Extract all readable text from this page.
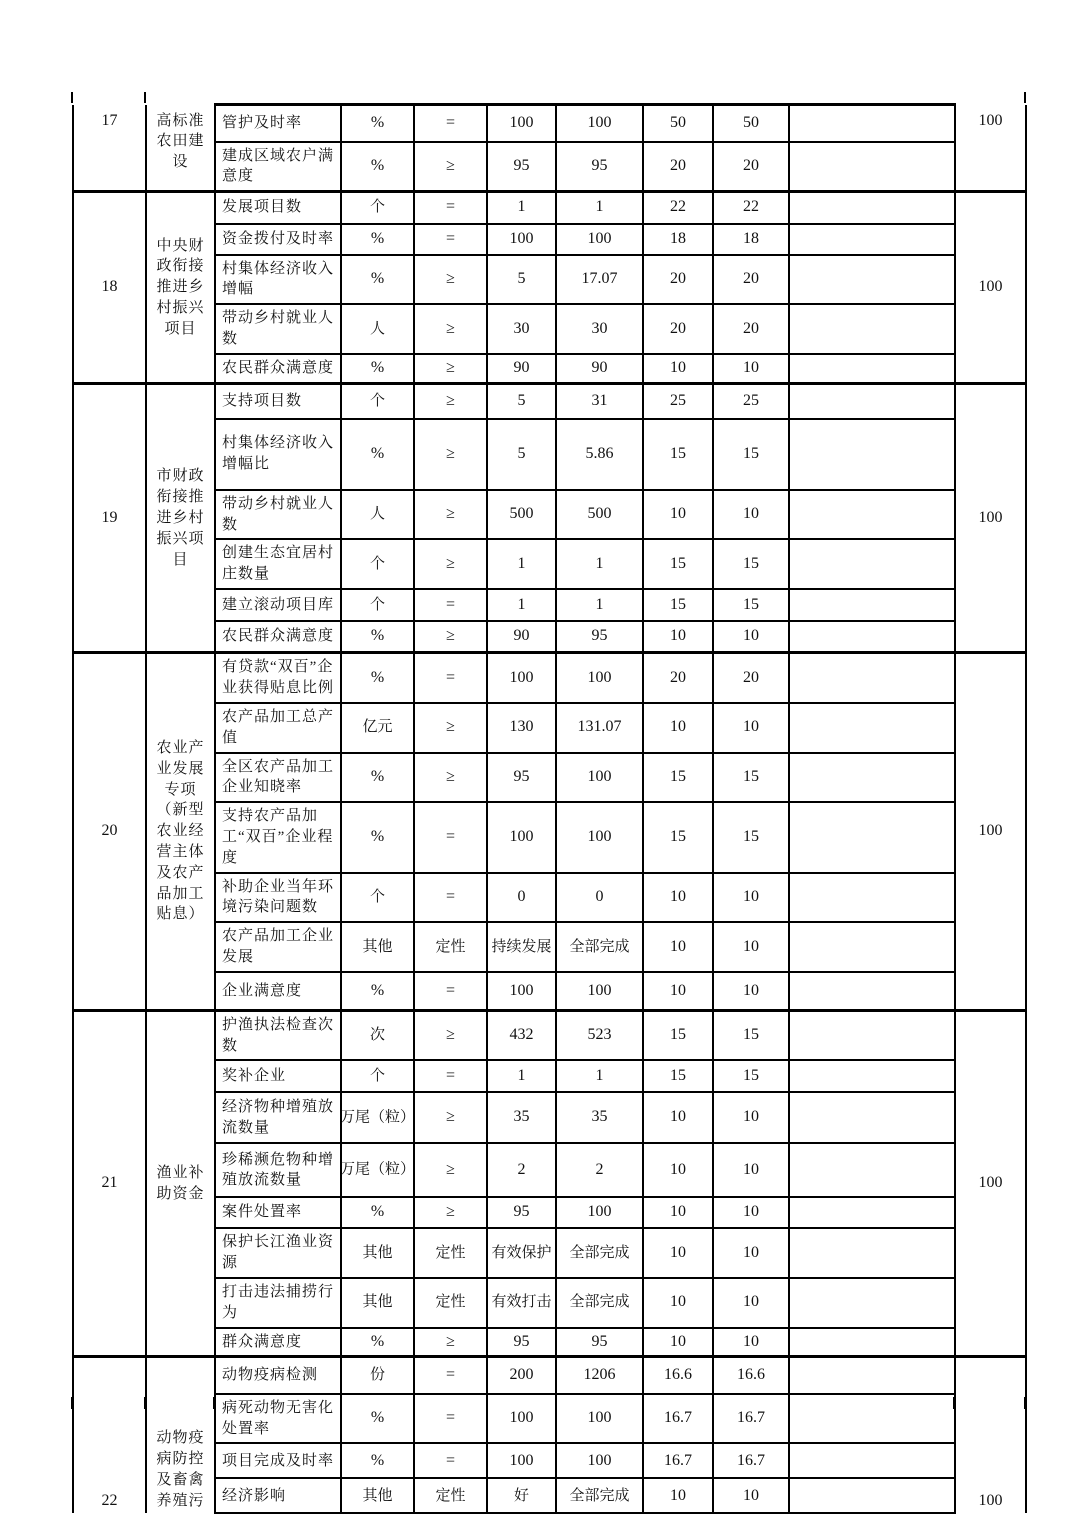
17	高标准农田建设	管护及时率	%	=	100	100	50	50		100
		建成区域农户满意度	%	≥	95	95	20	20		
18	中央财政衔接推进乡村振兴项目	发展项目数	个	=	1	1	22	22		100
		资金拨付及时率	%	=	100	100	18	18		
		村集体经济收入增幅	%	≥	5	17.07	20	20		
		带动乡村就业人数	人	≥	30	30	20	20		
		农民群众满意度	%	≥	90	90	10	10		
19	市财政衔接推进乡村振兴项目	支持项目数	个	≥	5	31	25	25		100
		村集体经济收入增幅比	%	≥	5	5.86	15	15		
		带动乡村就业人数	人	≥	500	500	10	10		
		创建生态宜居村庄数量	个	≥	1	1	15	15		
		建立滚动项目库	个	=	1	1	15	15		
		农民群众满意度	%	≥	90	95	10	10		
20	农业产业发展专项（新型农业经营主体及农产品加工贴息）	有贷款“双百”企业获得贴息比例	%	=	100	100	20	20		100
		农产品加工总产值	亿元	≥	130	131.07	10	10		
		全区农产品加工企业知晓率	%	≥	95	100	15	15		
		支持农产品加工“双百”企业程度	%	=	100	100	15	15		
		补助企业当年环境污染问题数	个	=	0	0	10	10		
		农产品加工企业发展	其他	定性	持续发展	全部完成	10	10		
		企业满意度	%	=	100	100	10	10		
21	渔业补助资金	护渔执法检查次数	次	≥	432	523	15	15		100
		奖补企业	个	=	1	1	15	15		
		经济物种增殖放流数量	万尾（粒）	≥	35	35	10	10		
		珍稀濒危物种增殖放流数量	万尾（粒）	≥	2	2	10	10		
		案件处置率	%	≥	95	100	10	10		
		保护长江渔业资源	其他	定性	有效保护	全部完成	10	10		
		打击违法捕捞行为	其他	定性	有效打击	全部完成	10	10		
		群众满意度	%	≥	95	95	10	10		
22	动物疫病防控及畜禽养殖污	动物疫病检测	份	=	200	1206	16.6	16.6		100
		病死动物无害化处置率	%	=	100	100	16.7	16.7		
		项目完成及时率	%	=	100	100	16.7	16.7		
		经济影响	其他	定性	好	全部完成	10	10		
